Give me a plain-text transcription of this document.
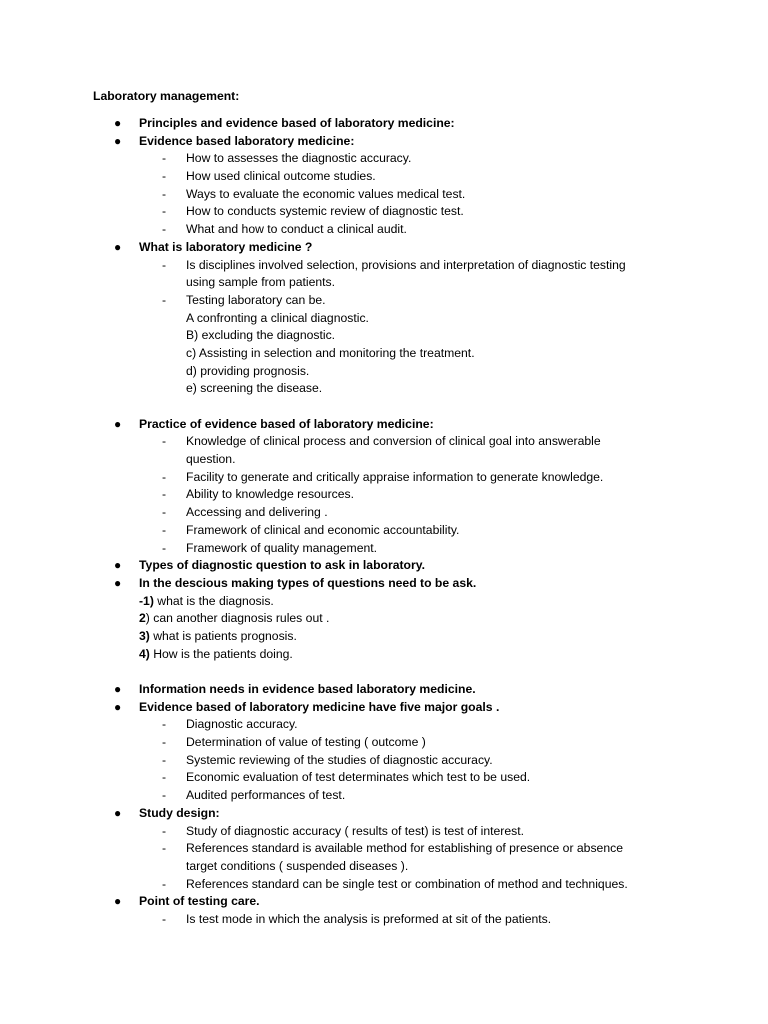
Laboratory management:
● Principles and evidence based of laboratory medicine:
● Evidence based laboratory medicine:
- How to assesses the diagnostic accuracy.
- How used clinical outcome studies.
- Ways to evaluate the economic values medical test.
- How to conducts systemic review of diagnostic test.
- What and how to conduct a clinical audit.
● What is laboratory medicine ?
- Is disciplines involved selection, provisions and interpretation of diagnostic testing
using sample from patients.
- Testing laboratory can be.
A confronting a clinical diagnostic.
B) excluding the diagnostic.
c) Assisting in selection and monitoring the treatment.
d) providing prognosis.
e) screening the disease.
● Practice of evidence based of laboratory medicine:
- Knowledge of clinical process and conversion of clinical goal into answerable
question.
- Facility to generate and critically appraise information to generate knowledge.
- Ability to knowledge resources.
- Accessing and delivering .
- Framework of clinical and economic accountability.
- Framework of quality management.
● Types of diagnostic question to ask in laboratory.
● In the descious making types of questions need to be ask.
-1) what is the diagnosis.
2) can another diagnosis rules out .
3) what is patients prognosis.
4) How is the patients doing.
● Information needs in evidence based laboratory medicine.
● Evidence based of laboratory medicine have five major goals .
- Diagnostic accuracy.
- Determination of value of testing ( outcome )
- Systemic reviewing of the studies of diagnostic accuracy.
- Economic evaluation of test determinates which test to be used.
- Audited performances of test.
● Study design:
- Study of diagnostic accuracy ( results of test) is test of interest.
- References standard is available method for establishing of presence or absence
target conditions ( suspended diseases ).
- References standard can be single test or combination of method and techniques.
● Point of testing care.
- Is test mode in which the analysis is preformed at sit of the patients.
